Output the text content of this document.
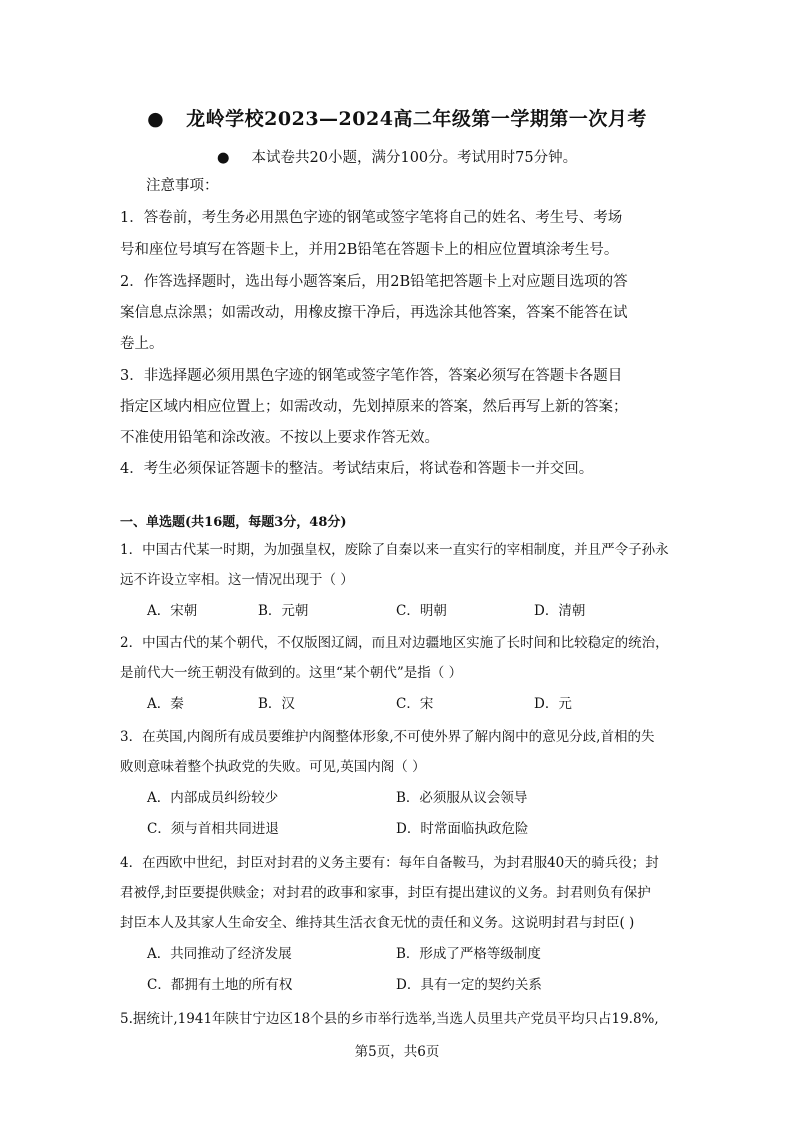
● 龙岭学校2023—2024高二年级第一学期第一次月考
● 本试卷共20小题，满分100分。考试用时75分钟。
注意事项：
1．答卷前，考生务必用黑色字迹的钢笔或签字笔将自己的姓名、考生号、考场
号和座位号填写在答题卡上，并用2B铅笔在答题卡上的相应位置填涂考生号。
2．作答选择题时，选出每小题答案后，用2B铅笔把答题卡上对应题目选项的答
案信息点涂黑；如需改动，用橡皮擦干净后，再选涂其他答案，答案不能答在试
卷上。
3．非选择题必须用黑色字迹的钢笔或签字笔作答，答案必须写在答题卡各题目
指定区域内相应位置上；如需改动，先划掉原来的答案，然后再写上新的答案；
不准使用铅笔和涂改液。不按以上要求作答无效。
4．考生必须保证答题卡的整洁。考试结束后，将试卷和答题卡一并交回。
一、单选题(共16题，每题3分，48分)
1．中国古代某一时期，为加强皇权，废除了自秦以来一直实行的宰相制度，并且严令子孙永
远不许设立宰相。这一情况出现于（ ）
A．宋朝	B．元朝	C．明朝	D．清朝
2．中国古代的某个朝代，不仅版图辽阔，而且对边疆地区实施了长时间和比较稳定的统治，
是前代大一统王朝没有做到的。这里“某个朝代”是指（ ）
A．秦	B．汉	C．宋	D．元
3．在英国,内阁所有成员要维护内阁整体形象,不可使外界了解内阁中的意见分歧,首相的失
败则意味着整个执政党的失败。可见,英国内阁（ ）
A．内部成员纠纷较少	B．必须服从议会领导
C．须与首相共同进退	D．时常面临执政危险
4．在西欧中世纪，封臣对封君的义务主要有：每年自备鞍马，为封君服40天的骑兵役；封
君被俘,封臣要提供赎金；对封君的政事和家事，封臣有提出建议的义务。封君则负有保护
封臣本人及其家人生命安全、维持其生活衣食无忧的责任和义务。这说明封君与封臣( )
A．共同推动了经济发展	B．形成了严格等级制度
C．都拥有土地的所有权	D．具有一定的契约关系
5.据统计,1941年陕甘宁边区18个县的乡市举行选举,当选人员里共产党员平均只占19.8%,
第5页，共6页
